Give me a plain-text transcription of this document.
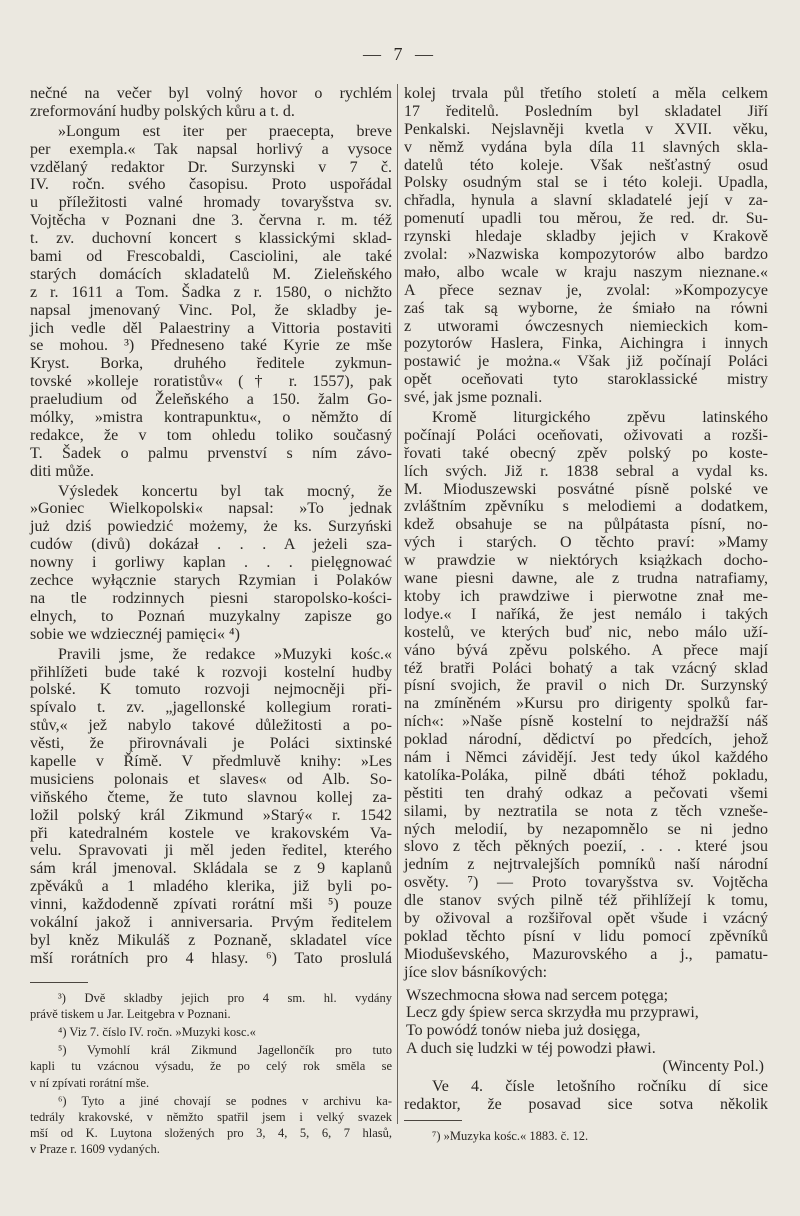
— 7 —
nečné na večer byl volný hovor o rychlém
zreformování hudby polských kůru a t. d.
»Longum est iter per praecepta, breve
per exempla.« Tak napsal horlivý a vysoce
vzdělaný redaktor Dr. Surzynski v 7 č.
IV. ročn. svého časopisu. Proto uspořádal
u příležitosti valné hromady tovaryšstva sv.
Vojtěcha v Poznani dne 3. června r. m. též
t. zv. duchovní koncert s klassickými sklad-
bami od Frescobaldi, Casciolini, ale také
starých domácích skladatelů M. Zieleňského
z r. 1611 a Tom. Šadka z r. 1580, o nichžto
napsal jmenovaný Vinc. Pol, že skladby je-
jich vedle děl Palaestriny a Vittoria postaviti
se mohou. ³) Předneseno také Kyrie ze mše
Kryst. Borka, druhého ředitele zykmun-
tovské »kolleje roratistův« († r. 1557), pak
praeludium od Želeňského a 150. žalm Go-
mólky, »mistra kontrapunktu«, o němžto dí
redakce, že v tom ohledu toliko současný
T. Šadek o palmu prvenství s ním závo-
diti může.
Výsledek koncertu byl tak mocný, že
»Goniec Wielkopolski« napsal: »To jednak
już dziś powiedzić możemy, że ks. Surzyński
cudów (divů) dokázał . . . A jeżeli sza-
nowny i gorliwy kaplan . . . pielęgnować
zechce wyłącznie starych Rzymian i Polaków
na tle rodzinnych piesni staropolsko-kości-
elnych, to Poznań muzykalny zapisze go
sobie we wdziecznéj pamięci« ⁴)
Pravili jsme, že redakce »Muzyki kośc.«
přihlížeti bude také k rozvoji kostelní hudby
polské. K tomuto rozvoji nejmocněji při-
spívalo t. zv. „jagellonské kollegium rorati-
stův,« jež nabylo takové důležitosti a po-
věsti, že přirovnávali je Poláci sixtinské
kapelle v Římě. V předmluvě knihy: »Les
musiciens polonais et slaves« od Alb. So-
viňského čteme, že tuto slavnou kollej za-
ložil polský král Zikmund »Starý« r. 1542
při katedralném kostele ve krakovském Va-
velu. Spravovati ji měl jeden ředitel, kterého
sám král jmenoval. Skládala se z 9 kaplanů
zpěváků a 1 mladého klerika, již byli po-
vinni, každodenně zpívati rorátní mši ⁵) pouze
vokální jakož i anniversaria. Prvým ředitelem
byl kněz Mikuláš z Poznaně, skladatel více
mší rorátních pro 4 hlasy. ⁶) Tato proslulá
³) Dvě skladby jejich pro 4 sm. hl. vydány
právě tiskem u Jar. Leitgebra v Poznani.
⁴) Viz 7. číslo IV. ročn. »Muzyki kosc.«
⁵) Vymohlí král Zikmund Jagellončík pro tuto
kapli tu vzácnou výsadu, že po celý rok směla se
v ní zpívati rorátní mše.
⁶) Tyto a jiné chovají se podnes v archivu ka-
tedrály krakovské, v němžto spatřil jsem i velký svazek
mší od K. Luytona složených pro 3, 4, 5, 6, 7 hlasů,
v Praze r. 1609 vydaných.
kolej trvala půl třetího století a měla celkem
17 ředitelů. Posledním byl skladatel Jiří
Penkalski. Nejslavněji kvetla v XVII. věku,
v němž vydána byla díla 11 slavných skla-
datelů této koleje. Však nešťastný osud
Polsky osudným stal se i této koleji. Upadla,
chřadla, hynula a slavní skladatelé její v za-
pomenutí upadli tou měrou, že red. dr. Su-
rzynski hledaje skladby jejich v Krakově
zvolal: »Nazwiska kompozytorów albo bardzo
mało, albo wcale w kraju naszym nieznane.«
A přece seznav je, zvolal: »Kompozycye
zaś tak są wyborne, że śmiało na równi
z utworami ówczesnych niemieckich kom-
pozytorów Haslera, Finka, Aichingra i innych
postawić je można.« Však již počínají Poláci
opět oceňovati tyto staroklassické mistry
své, jak jsme poznali.
Kromě liturgického zpěvu latinského
počínají Poláci oceňovati, oživovati a rozši-
řovati také obecný zpěv polský po koste-
lích svých. Již r. 1838 sebral a vydal ks.
M. Mioduszewski posvátné písně polské ve
zvláštním zpěvníku s melodiemi a dodatkem,
kdež obsahuje se na půlpátasta písní, no-
vých i starých. O těchto praví: »Mamy
w prawdzie w niektórych książkach docho-
wane piesni dawne, ale z trudna natrafiamy,
ktoby ich prawdziwe i pierwotne znał me-
lodye.« I naříká, že jest nemálo i takých
kostelů, ve kterých buď nic, nebo málo uží-
váno bývá zpěvu polského. A přece mají
též bratři Poláci bohatý a tak vzácný sklad
písní svojich, že pravil o nich Dr. Surzynský
na zmíněném »Kursu pro dirigenty spolků far-
ních«: »Naše písně kostelní to nejdražší náš
poklad národní, dědictví po předcích, jehož
nám i Němci závidějí. Jest tedy úkol každého
katolíka-Poláka, pilně dbáti téhož pokladu,
pěstiti ten drahý odkaz a pečovati všemi
silami, by neztratila se nota z těch vzneše-
ných melodií, by nezapomnělo se ni jedno
slovo z těch pěkných poezií, . . . které jsou
jedním z nejtrvalejších pomníků naší národní
osvěty. ⁷) — Proto tovaryšstva sv. Vojtěcha
dle stanov svých pilně též přihlížejí k tomu,
by oživoval a rozšiřoval opět všude i vzácný
poklad těchto písní v lidu pomocí zpěvníků
Mioduševského, Mazurovského a j., pamatu-
jíce slov básníkových:
Wszechmocna słowa nad sercem potęga;
Lecz gdy śpiew serca skrzydła mu przyprawi,
To powódź tonów nieba już dosięga,
A duch się ludzki w téj powodzi pławi.
(Wincenty Pol.)
Ve 4. čísle letošního ročníku dí sice
redaktor, že posavad sice sotva několik
⁷) »Muzyka kośc.« 1883. č. 12.
